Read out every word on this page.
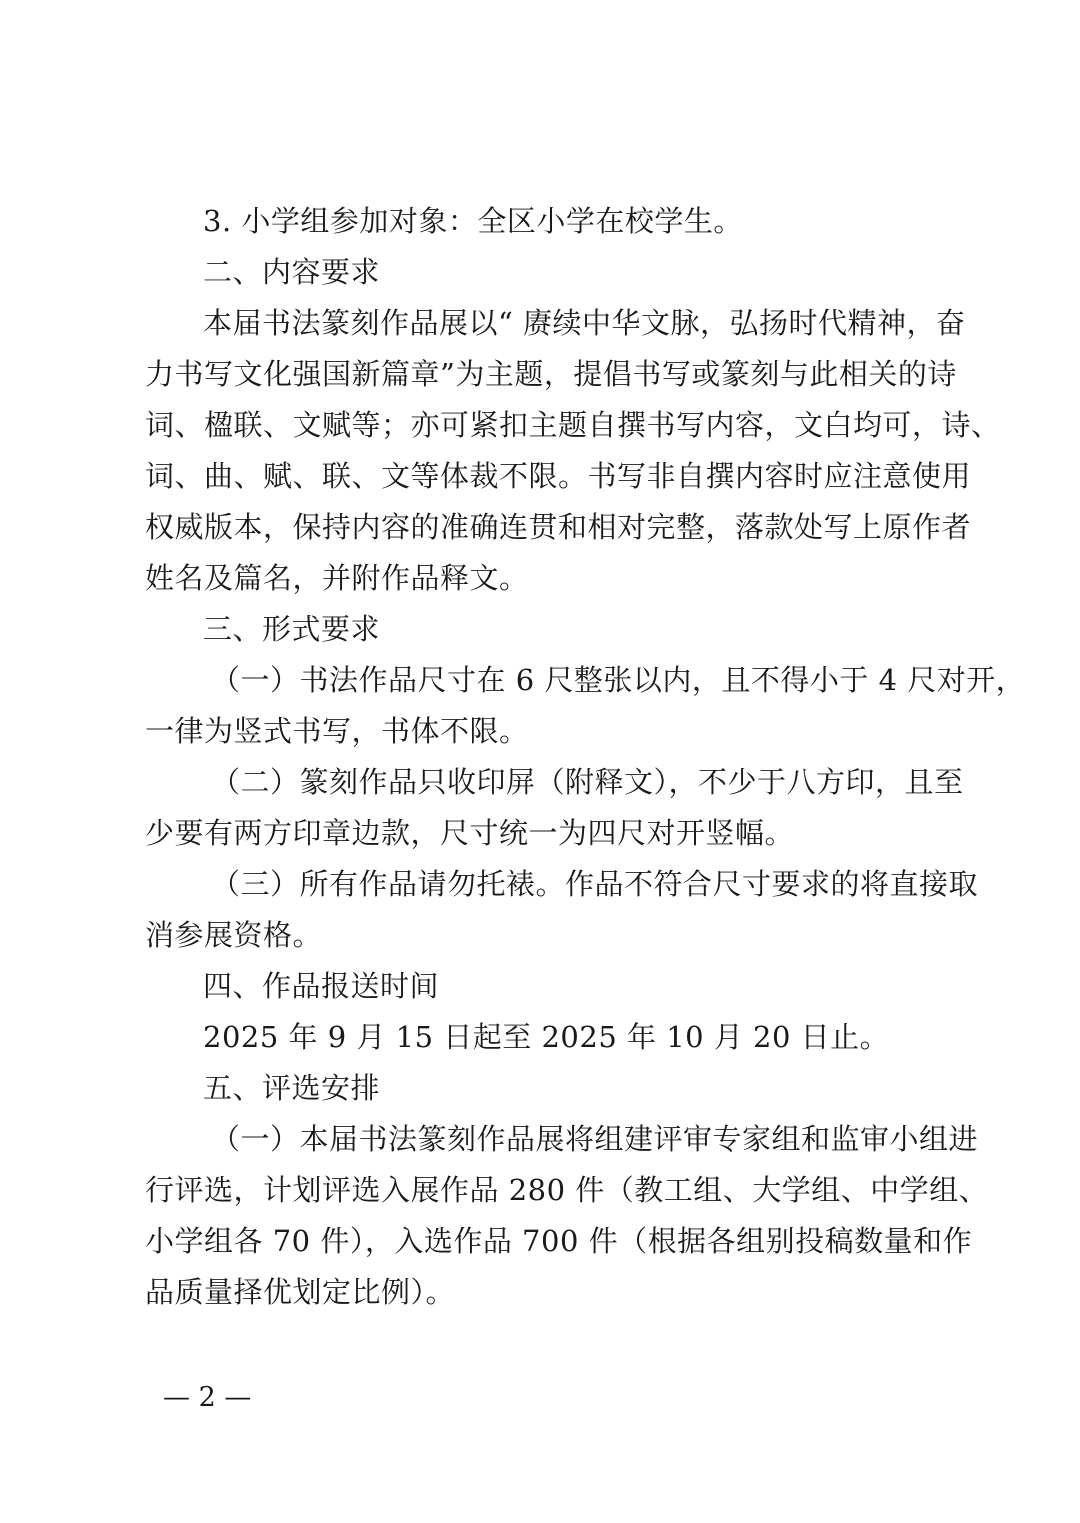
3. 小学组参加对象：全区小学在校学生。
二、内容要求
本届书法篆刻作品展以“ 赓续中华文脉，弘扬时代精神，奋
力书写文化强国新篇章”为主题，提倡书写或篆刻与此相关的诗
词、楹联、文赋等；亦可紧扣主题自撰书写内容，文白均可，诗、
词、曲、赋、联、文等体裁不限。书写非自撰内容时应注意使用
权威版本，保持内容的准确连贯和相对完整，落款处写上原作者
姓名及篇名，并附作品释文。
三、形式要求
（一）书法作品尺寸在 6 尺整张以内，且不得小于 4 尺对开，
一律为竖式书写，书体不限。
（二）篆刻作品只收印屏（附释文），不少于八方印，且至
少要有两方印章边款，尺寸统一为四尺对开竖幅。
（三）所有作品请勿托裱。作品不符合尺寸要求的将直接取
消参展资格。
四、作品报送时间
2025 年 9 月 15 日起至 2025 年 10 月 20 日止。
五、评选安排
（一）本届书法篆刻作品展将组建评审专家组和监审小组进
行评选，计划评选入展作品 280 件（教工组、大学组、中学组、
小学组各 70 件），入选作品 700 件（根据各组别投稿数量和作
品质量择优划定比例）。
— 2 —
